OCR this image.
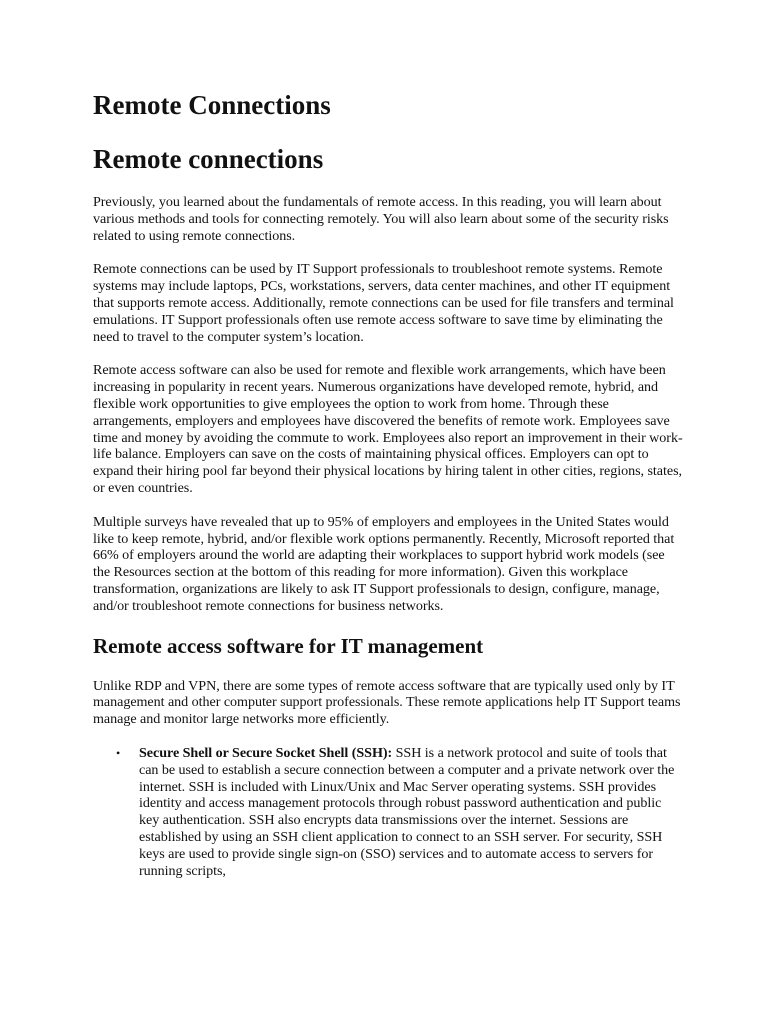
Remote Connections
Remote connections

Previously, you learned about the fundamentals of remote access. In this reading, you will learn about various methods and tools for connecting remotely. You will also learn about some of the security risks related to using remote connections.

Remote connections can be used by IT Support professionals to troubleshoot remote systems. Remote systems may include laptops, PCs, workstations, servers, data center machines, and other IT equipment that supports remote access. Additionally, remote connections can be used for file transfers and terminal emulations. IT Support professionals often use remote access software to save time by eliminating the need to travel to the computer system’s location.

Remote access software can also be used for remote and flexible work arrangements, which have been increasing in popularity in recent years. Numerous organizations have developed remote, hybrid, and flexible work opportunities to give employees the option to work from home. Through these arrangements, employers and employees have discovered the benefits of remote work. Employees save time and money by avoiding the commute to work. Employees also report an improvement in their work-life balance. Employers can save on the costs of maintaining physical offices. Employers can opt to expand their hiring pool far beyond their physical locations by hiring talent in other cities, regions, states, or even countries.

Multiple surveys have revealed that up to 95% of employers and employees in the United States would like to keep remote, hybrid, and/or flexible work options permanently. Recently, Microsoft reported that 66% of employers around the world are adapting their workplaces to support hybrid work models (see the Resources section at the bottom of this reading for more information). Given this workplace transformation, organizations are likely to ask IT Support professionals to design, configure, manage, and/or troubleshoot remote connections for business networks.

Remote access software for IT management

Unlike RDP and VPN, there are some types of remote access software that are typically used only by IT management and other computer support professionals. These remote applications help IT Support teams manage and monitor large networks more efficiently.

• Secure Shell or Secure Socket Shell (SSH): SSH is a network protocol and suite of tools that can be used to establish a secure connection between a computer and a private network over the internet. SSH is included with Linux/Unix and Mac Server operating systems. SSH provides identity and access management protocols through robust password authentication and public key authentication. SSH also encrypts data transmissions over the internet. Sessions are established by using an SSH client application to connect to an SSH server. For security, SSH keys are used to provide single sign-on (SSO) services and to automate access to servers for running scripts,
